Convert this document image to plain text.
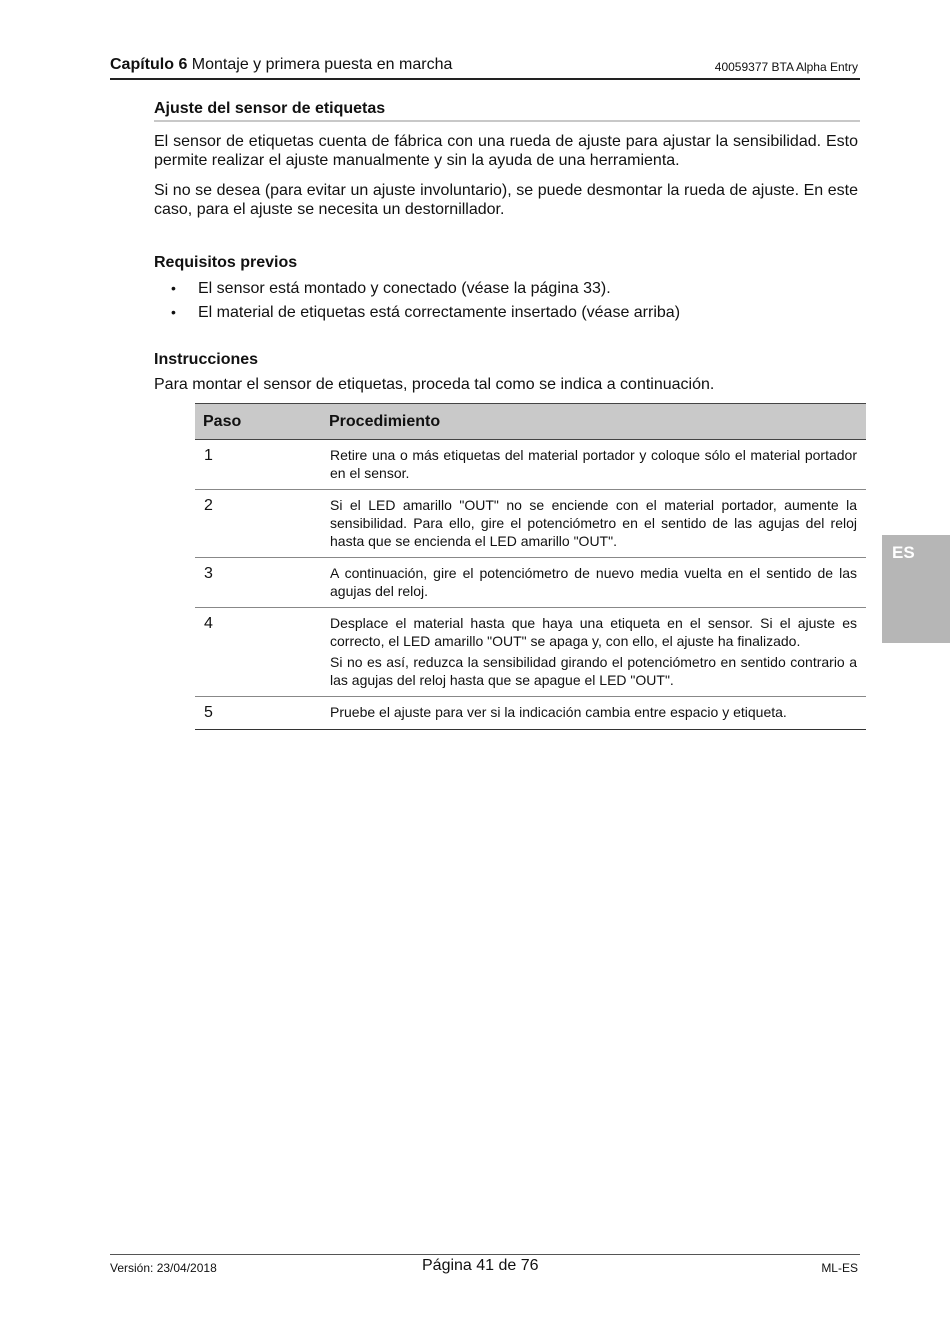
Capítulo 6 Montaje y primera puesta en marcha	40059377 BTA Alpha Entry
Ajuste del sensor de etiquetas

El sensor de etiquetas cuenta de fábrica con una rueda de ajuste para ajustar la sensibilidad. Esto permite realizar el ajuste manualmente y sin la ayuda de una herramienta.

Si no se desea (para evitar un ajuste involuntario), se puede desmontar la rueda de ajuste. En este caso, para el ajuste se necesita un destornillador.

Requisitos previos
• El sensor está montado y conectado (véase la página 33).
• El material de etiquetas está correctamente insertado (véase arriba)
Instrucciones

Para montar el sensor de etiquetas, proceda tal como se indica a continuación.

Paso	Procedimiento
1	Retire una o más etiquetas del material portador y coloque sólo el material portador en el sensor.

2	Si el LED amarillo "OUT" no se enciende con el material portador, aumente la sensibilidad. Para ello, gire el potenciómetro en el sentido de las agujas del reloj hasta que se encienda el LED amarillo "OUT".

3	A continuación, gire el potenciómetro de nuevo media vuelta en el sentido de las agujas del reloj.

4	Desplace el material hasta que haya una etiqueta en el sensor. Si el ajuste es correcto, el LED amarillo "OUT" se apaga y, con ello, el ajuste ha finalizado.

Si no es así, reduzca la sensibilidad girando el potenciómetro en sentido contrario a las agujas del reloj hasta que se apague el LED "OUT".

5	Pruebe el ajuste para ver si la indicación cambia entre espacio y etiqueta.

ES
Versión: 23/04/2018	Página 41 de 76	ML-ES
